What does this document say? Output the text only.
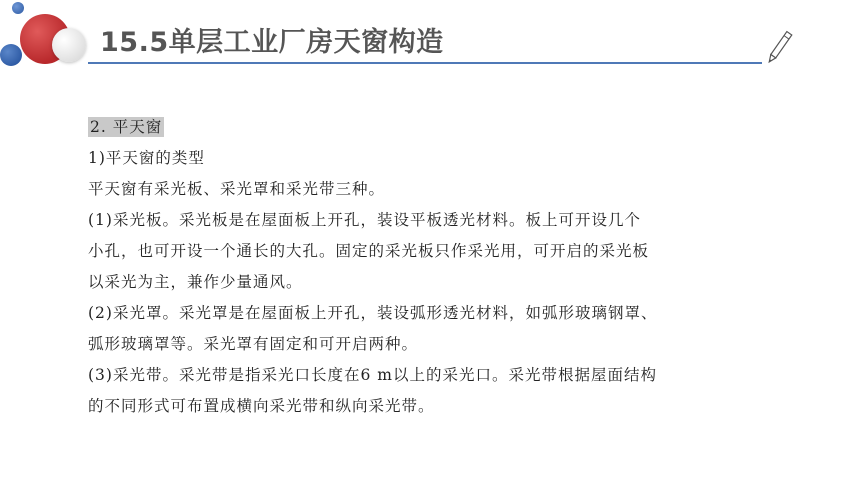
15.5单层工业厂房天窗构造
2. 平天窗
1)平天窗的类型
平天窗有采光板、采光罩和采光带三种。
(1)采光板。采光板是在屋面板上开孔，装设平板透光材料。板上可开设几个
小孔，也可开设一个通长的大孔。固定的采光板只作采光用，可开启的采光板
以采光为主，兼作少量通风。
(2)采光罩。采光罩是在屋面板上开孔，装设弧形透光材料，如弧形玻璃钢罩、
弧形玻璃罩等。采光罩有固定和可开启两种。
(3)采光带。采光带是指采光口长度在6 m以上的采光口。采光带根据屋面结构
的不同形式可布置成横向采光带和纵向采光带。
